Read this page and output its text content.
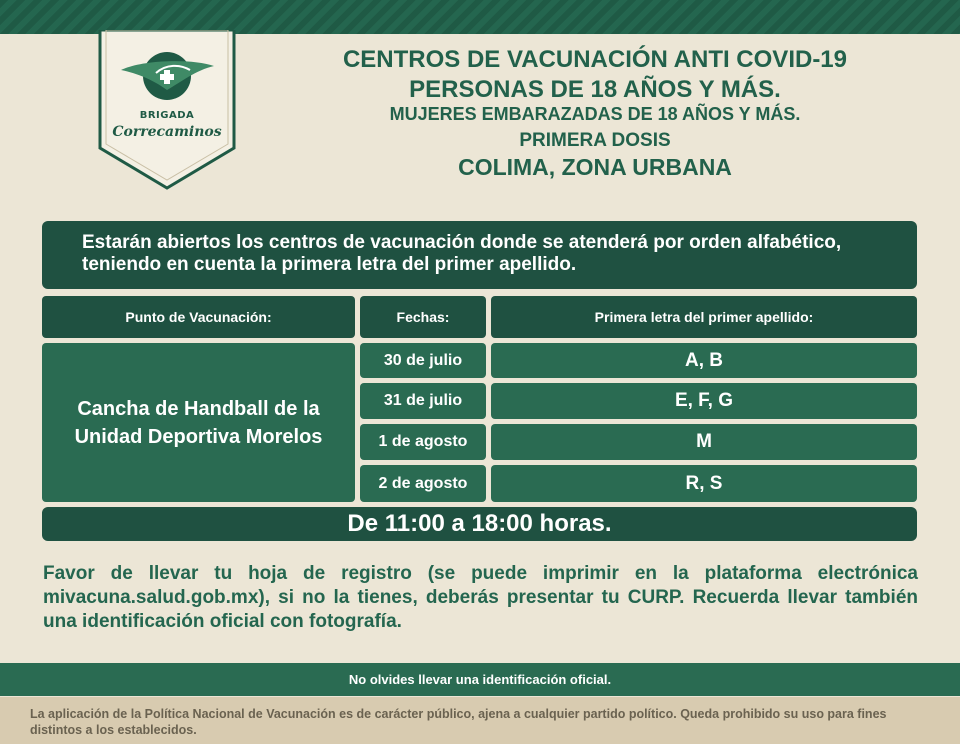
BRIGADA
Correcaminos
CENTROS DE VACUNACIÓN ANTI COVID-19
PERSONAS DE 18 AÑOS Y MÁS.
MUJERES EMBARAZADAS DE 18 AÑOS Y MÁS.
PRIMERA DOSIS
COLIMA, ZONA URBANA
Estarán abiertos los centros de vacunación donde se atenderá por orden alfabético, teniendo en cuenta la primera letra del primer apellido.
Punto de Vacunación:	Fechas:	Primera letra del primer apellido:
Cancha de Handball de la Unidad Deportiva Morelos
30 de julio	A, B
31 de julio	E, F, G
1 de agosto	M
2 de agosto	R, S
De 11:00 a 18:00 horas.
Favor de llevar tu hoja de registro (se puede imprimir en la plataforma electrónica mivacuna.salud.gob.mx), si no la tienes, deberás presentar tu CURP. Recuerda llevar también una identificación oficial con fotografía.
No olvides llevar una identificación oficial.
La aplicación de la Política Nacional de Vacunación es de carácter público, ajena a cualquier partido político. Queda prohibido su uso para fines distintos a los establecidos.
